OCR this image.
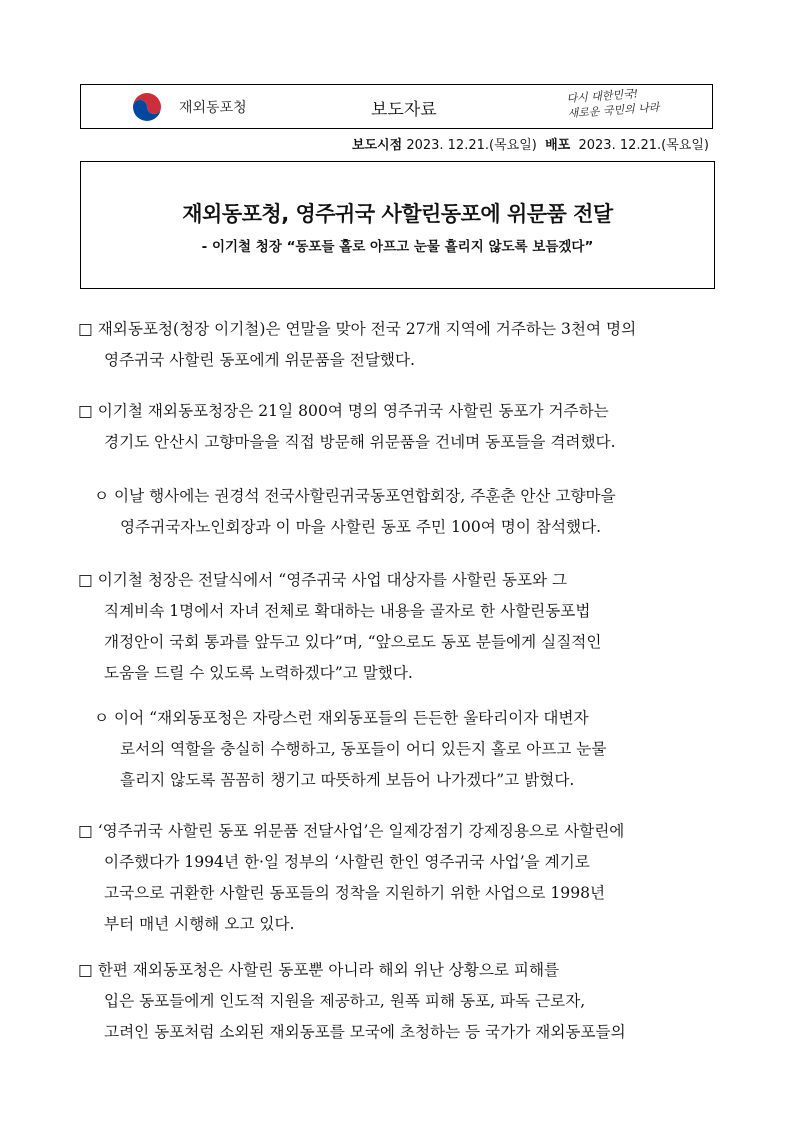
재외동포청	보도자료
다시 대한민국!
새로운 국민의 나라
보도시점 2023. 12.21.(목요일) 배포 2023. 12.21.(목요일)
재외동포청, 영주귀국 사할린동포에 위문품 전달
- 이기철 청장 “동포들 홀로 아프고 눈물 흘리지 않도록 보듬겠다”
□ 재외동포청(청장 이기철)은 연말을 맞아 전국 27개 지역에 거주하는 3천여 명의
영주귀국 사할린 동포에게 위문품을 전달했다.
□ 이기철 재외동포청장은 21일 800여 명의 영주귀국 사할린 동포가 거주하는
경기도 안산시 고향마을을 직접 방문해 위문품을 건네며 동포들을 격려했다.
ㅇ 이날 행사에는 권경석 전국사할린귀국동포연합회장, 주훈춘 안산 고향마을
영주귀국자노인회장과 이 마을 사할린 동포 주민 100여 명이 참석했다.
□ 이기철 청장은 전달식에서 “영주귀국 사업 대상자를 사할린 동포와 그
직계비속 1명에서 자녀 전체로 확대하는 내용을 골자로 한 사할린동포법
개정안이 국회 통과를 앞두고 있다”며, “앞으로도 동포 분들에게 실질적인
도움을 드릴 수 있도록 노력하겠다”고 말했다.
ㅇ 이어 “재외동포청은 자랑스런 재외동포들의 든든한 울타리이자 대변자
로서의 역할을 충실히 수행하고, 동포들이 어디 있든지 홀로 아프고 눈물
흘리지 않도록 꼼꼼히 챙기고 따뜻하게 보듬어 나가겠다”고 밝혔다.
□ ‘영주귀국 사할린 동포 위문품 전달사업’은 일제강점기 강제징용으로 사할린에
이주했다가 1994년 한·일 정부의 ‘사할린 한인 영주귀국 사업’을 계기로
고국으로 귀환한 사할린 동포들의 정착을 지원하기 위한 사업으로 1998년
부터 매년 시행해 오고 있다.
□ 한편 재외동포청은 사할린 동포뿐 아니라 해외 위난 상황으로 피해를
입은 동포들에게 인도적 지원을 제공하고, 원폭 피해 동포, 파독 근로자,
고려인 동포처럼 소외된 재외동포를 모국에 초청하는 등 국가가 재외동포들의
